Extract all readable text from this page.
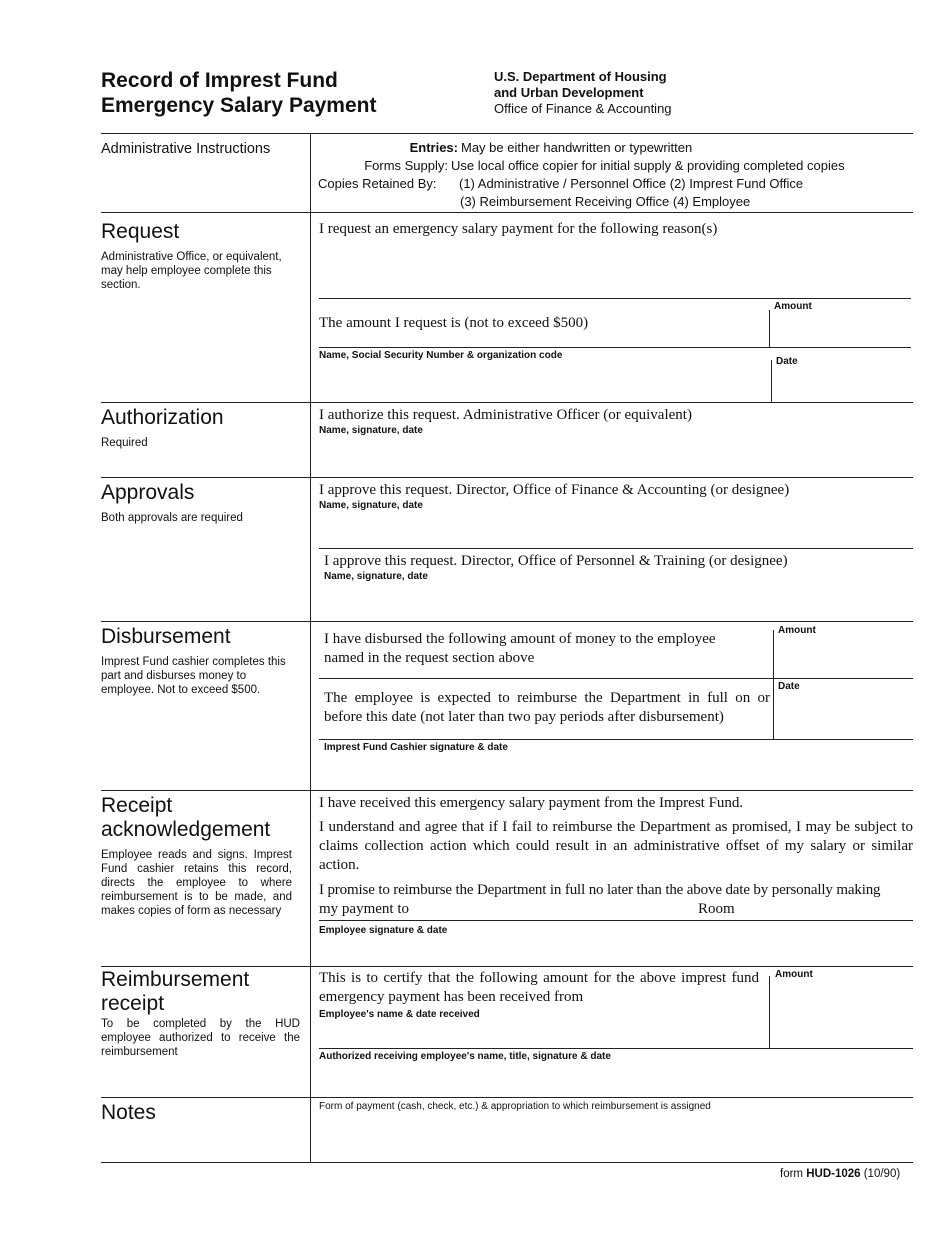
Record of Imprest Fund
Emergency Salary Payment
U.S. Department of Housing
and Urban Development
Office of Finance & Accounting
Administrative Instructions	Entries: May be either handwritten or typewritten
Forms Supply: Use local office copier for initial supply & providing completed copies
Copies Retained By:	(1) Administrative / Personnel Office (2) Imprest Fund Office
(3) Reimbursement Receiving Office (4) Employee
Request
Administrative Office, or equivalent, may help employee complete this section.
I request an emergency salary payment for the following reason(s)
Amount
The amount I request is (not to exceed $500)
Name, Social Security Number & organization code
Date
Authorization
Required
I authorize this request. Administrative Officer (or equivalent)
Name, signature, date
Approvals
Both approvals are required
I approve this request. Director, Office of Finance & Accounting (or designee)
Name, signature, date
I approve this request. Director, Office of Personnel & Training (or designee)
Name, signature, date
Disbursement
Imprest Fund cashier completes this part and disburses money to employee. Not to exceed $500.
I have disbursed the following amount of money to the employee named in the request section above
Amount
Date
The employee is expected to reimburse the Department in full on or before this date (not later than two pay periods after disbursement)
Imprest Fund Cashier signature & date
Receipt
acknowledgement
Employee reads and signs. Imprest Fund cashier retains this record, directs the employee to where reimbursement is to be made, and makes copies of form as necessary
I have received this emergency salary payment from the Imprest Fund.
I understand and agree that if I fail to reimburse the Department as promised, I may be subject to claims collection action which could result in an administrative offset of my salary or similar action.
I promise to reimburse the Department in full no later than the above date by personally making
my payment to	Room
Employee signature & date
Reimbursement
receipt
To be completed by the HUD employee authorized to receive the reimbursement
This is to certify that the following amount for the above imprest fund emergency payment has been received from
Employee's name & date received
Amount
Authorized receiving employee's name, title, signature & date
Notes	Form of payment (cash, check, etc.) & appropriation to which reimbursement is assigned
form HUD-1026 (10/90)
